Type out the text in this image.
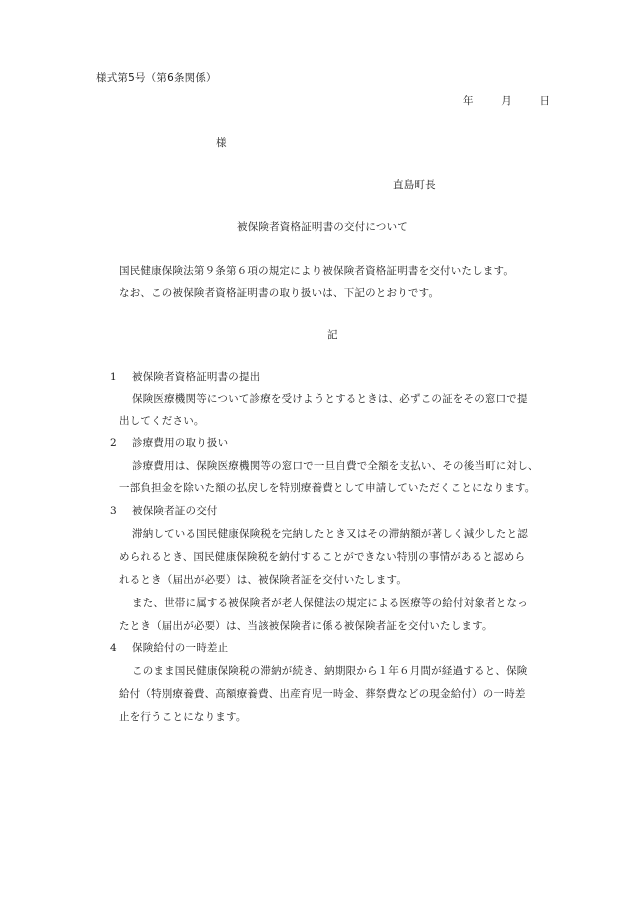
様式第5号（第6条関係）
年	月	日
様
直島町長
被保険者資格証明書の交付について
国民健康保険法第９条第６項の規定により被保険者資格証明書を交付いたします。
なお、この被保険者資格証明書の取り扱いは、下記のとおりです。
記
1 被保険者資格証明書の提出
保険医療機関等について診療を受けようとするときは、必ずこの証をその窓口で提
出してください。
2 診療費用の取り扱い
診療費用は、保険医療機関等の窓口で一旦自費で全額を支払い、その後当町に対し、
一部負担金を除いた額の払戻しを特別療養費として申請していただくことになります。
3 被保険者証の交付
滞納している国民健康保険税を完納したとき又はその滞納額が著しく減少したと認
められるとき、国民健康保険税を納付することができない特別の事情があると認めら
れるとき（届出が必要）は、被保険者証を交付いたします。
また、世帯に属する被保険者が老人保健法の規定による医療等の給付対象者となっ
たとき（届出が必要）は、当該被保険者に係る被保険者証を交付いたします。
4 保険給付の一時差止
このまま国民健康保険税の滞納が続き、納期限から１年６月間が経過すると、保険
給付（特別療養費、高額療養費、出産育児一時金、葬祭費などの現金給付）の一時差
止を行うことになります。
